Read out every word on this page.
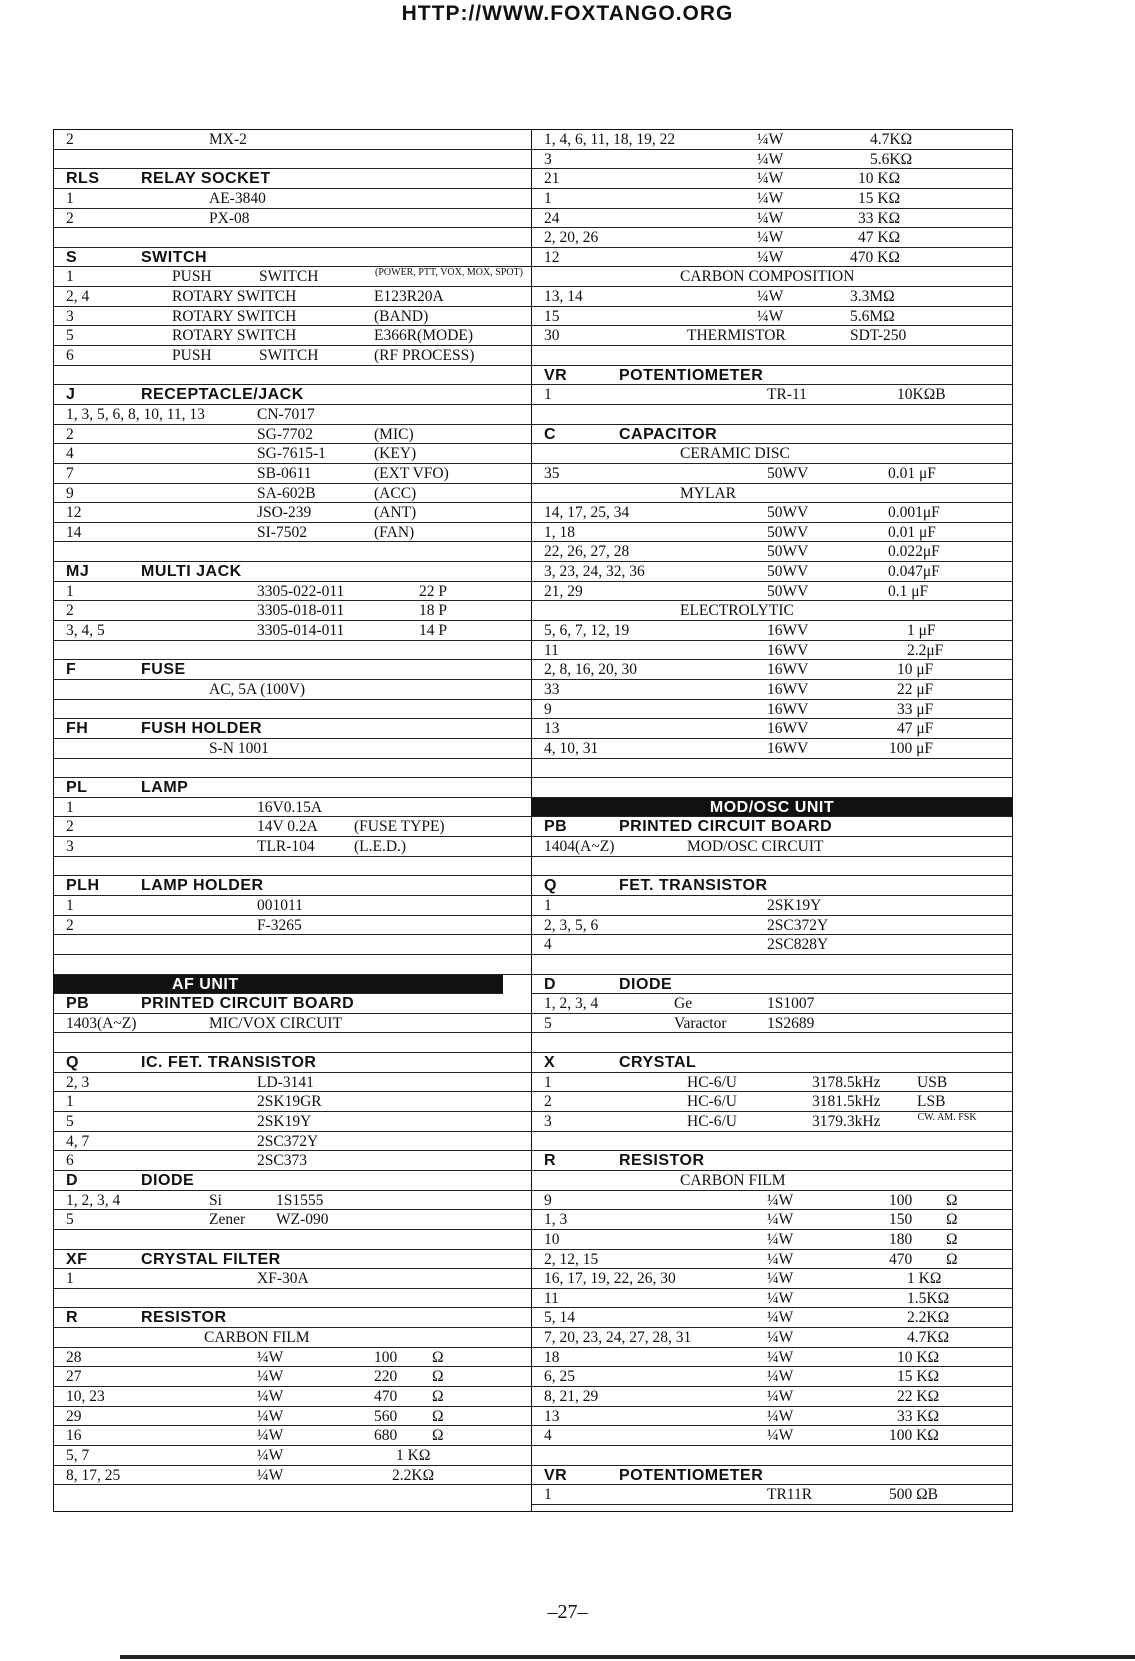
HTTP://WWW.FOXTANGO.ORG
2	MX-2
RLS	RELAY SOCKET
1	AE-3840
2	PX-08
S	SWITCH
1	PUSH	SWITCH	(POWER, PTT, VOX, MOX, SPOT)
2, 4	ROTARY SWITCH	E123R20A
3	ROTARY SWITCH	(BAND)
5	ROTARY SWITCH	E366R(MODE)
6	PUSH	SWITCH	(RF PROCESS)
J	RECEPTACLE/JACK
1, 3, 5, 6, 8, 10, 11, 13	CN-7017
2	SG-7702	(MIC)
4	SG-7615-1	(KEY)
7	SB-0611	(EXT VFO)
9	SA-602B	(ACC)
12	JSO-239	(ANT)
14	SI-7502	(FAN)
MJ	MULTI JACK
1	3305-022-011	22 P
2	3305-018-011	18 P
3, 4, 5	3305-014-011	14 P
F	FUSE
AC, 5A (100V)
FH	FUSH HOLDER
S-N 1001
PL	LAMP
1	16V0.15A
2	14V 0.2A (FUSE TYPE)
3	TLR-104	(L.E.D.)
PLH	LAMP HOLDER
1	001011
2	F-3265
AF UNIT
PB	PRINTED CIRCUIT BOARD
1403(A~Z)	MIC/VOX CIRCUIT
Q	IC. FET. TRANSISTOR
2, 3	LD-3141
1	2SK19GR
5	2SK19Y
4, 7	2SC372Y
6	2SC373
D	DIODE
1, 2, 3, 4	Si	1S1555
5	Zener WZ-090
XF	CRYSTAL FILTER
1	XF-30A
R	RESISTOR
CARBON FILM
28	¼W	100 Ω
27	¼W	220 Ω
10, 23	¼W	470 Ω
29	¼W	560 Ω
16	¼W	680 Ω
5, 7	¼W	1 KΩ
8, 17, 25	¼W	2.2KΩ
1, 4, 6, 11, 18, 19, 22	¼W	4.7KΩ
3	¼W	5.6KΩ
21	¼W	10 KΩ
1	¼W	15 KΩ
24	¼W	33 KΩ
2, 20, 26	¼W	47 KΩ
12	¼W	470 KΩ
CARBON COMPOSITION
13, 14	¼W	3.3MΩ
15	¼W	5.6MΩ
30	THERMISTOR	SDT-250
VR	POTENTIOMETER
1	TR-11	10KΩB
C	CAPACITOR
CERAMIC DISC
35	50WV	0.01 μF
MYLAR
14, 17, 25, 34	50WV	0.001μF
1, 18	50WV	0.01 μF
22, 26, 27, 28	50WV	0.022μF
3, 23, 24, 32, 36	50WV	0.047μF
21, 29	50WV	0.1 μF
ELECTROLYTIC
5, 6, 7, 12, 19	16WV	1 μF
11	16WV	2.2μF
2, 8, 16, 20, 30	16WV	10 μF
33	16WV	22 μF
9	16WV	33 μF
13	16WV	47 μF
4, 10, 31	16WV	100 μF
MOD/OSC UNIT
PB	PRINTED CIRCUIT BOARD
1404(A~Z)	MOD/OSC CIRCUIT
Q	FET. TRANSISTOR
1	2SK19Y
2, 3, 5, 6	2SC372Y
4	2SC828Y
D	DIODE
1, 2, 3, 4	Ge	1S1007
5	Varactor	1S2689
X	CRYSTAL
1	HC-6/U	3178.5kHz USB
2	HC-6/U	3181.5kHz LSB
3	HC-6/U	3179.3kHz	CW. AM. FSK
R	RESISTOR
CARBON FILM
9	¼W	100 Ω
1, 3	¼W	150 Ω
10	¼W	180 Ω
2, 12, 15	¼W	470 Ω
16, 17, 19, 22, 26, 30	¼W	1 KΩ
11	¼W	1.5KΩ
5, 14	¼W	2.2KΩ
7, 20, 23, 24, 27, 28, 31	¼W	4.7KΩ
18	¼W	10 KΩ
6, 25	¼W	15 KΩ
8, 21, 29	¼W	22 KΩ
13	¼W	33 KΩ
4	¼W	100 KΩ
VR	POTENTIOMETER
1	TR11R	500 ΩB
–27–
